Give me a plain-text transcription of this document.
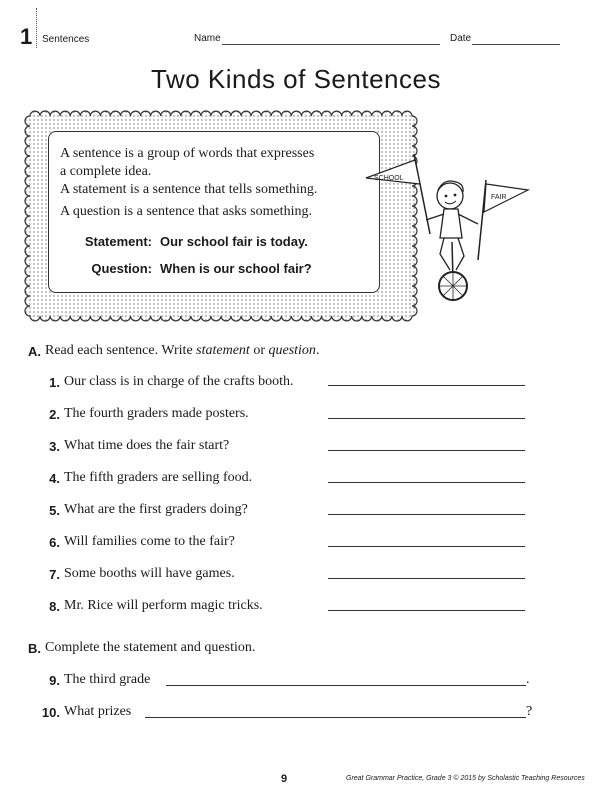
1 Sentences	Name	Date
Two Kinds of Sentences
A sentence is a group of words that expresses
a complete idea.
A statement is a sentence that tells something.
A question is a sentence that asks something.
Statement: Our school fair is today.
Question: When is our school fair?
SCHOOL
FAIR
A. Read each sentence. Write statement or question.
1. Our class is in charge of the crafts booth.
2. The fourth graders made posters.
3. What time does the fair start?
4. The fifth graders are selling food.
5. What are the first graders doing?
6. Will families come to the fair?
7. Some booths will have games.
8. Mr. Rice will perform magic tricks.
B. Complete the statement and question.
9. The third grade	.
10. What prizes	?
9	Great Grammar Practice, Grade 3 © 2015 by Scholastic Teaching Resources
